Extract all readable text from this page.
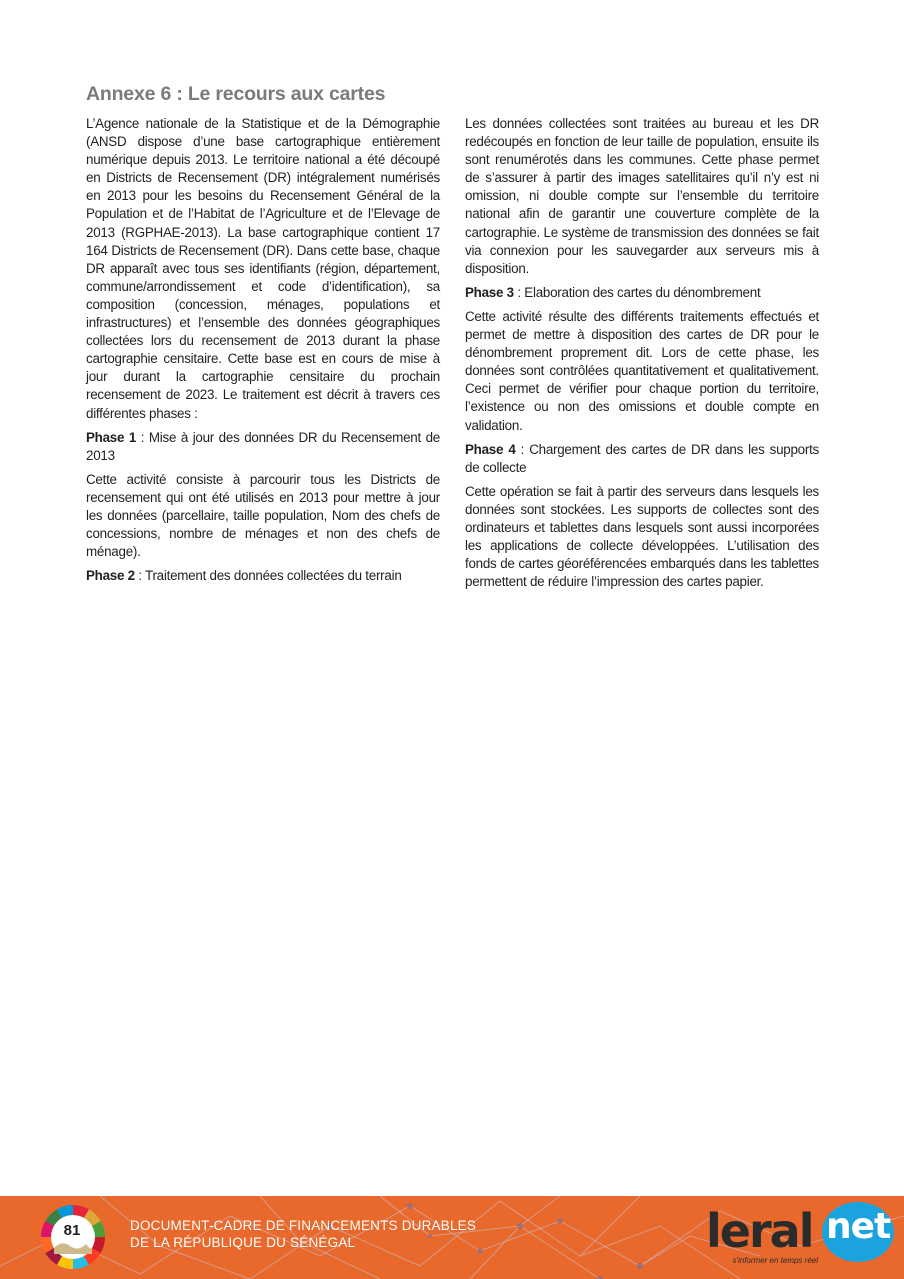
Annexe 6 : Le recours aux cartes

L’Agence nationale de la Statistique et de la Démographie (ANSD dispose d’une base cartographique entièrement numérique depuis 2013. Le territoire national a été découpé en Districts de Recensement (DR) intégralement numérisés en 2013 pour les besoins du Recensement Général de la Population et de l’Habitat de l’Agriculture et de l’Elevage de 2013 (RGPHAE-2013). La base cartographique contient 17 164 Districts de Recensement (DR). Dans cette base, chaque DR apparaît avec tous ses identifiants (région, département, commune/arrondissement et code d’identification), sa composition (concession, ménages, populations et infrastructures) et l’ensemble des données géographiques collectées lors du recensement de 2013 durant la phase cartographie censitaire. Cette base est en cours de mise à jour durant la cartographie censitaire du prochain recensement de 2023. Le traitement est décrit à travers ces différentes phases :

Phase 1 : Mise à jour des données DR du Recensement de 2013

Cette activité consiste à parcourir tous les Districts de recensement qui ont été utilisés en 2013 pour mettre à jour les données (parcellaire, taille population, Nom des chefs de concessions, nombre de ménages et non des chefs de ménage).

Phase 2 : Traitement des données collectées du terrain

Les données collectées sont traitées au bureau et les DR redécoupés en fonction de leur taille de population, ensuite ils sont renumérotés dans les communes. Cette phase permet de s’assurer à partir des images satellitaires qu’il n’y est ni omission, ni double compte sur l’ensemble du territoire national afin de garantir une couverture complète de la cartographie. Le système de transmission des données se fait via connexion pour les sauvegarder aux serveurs mis à disposition.

Phase 3 : Elaboration des cartes du dénombrement

Cette activité résulte des différents traitements effectués et permet de mettre à disposition des cartes de DR pour le dénombrement proprement dit. Lors de cette phase, les données sont contrôlées quantitativement et qualitativement. Ceci permet de vérifier pour chaque portion du territoire, l’existence ou non des omissions et double compte en validation.

Phase 4 : Chargement des cartes de DR dans les supports de collecte

Cette opération se fait à partir des serveurs dans lesquels les données sont stockées. Les supports de collectes sont des ordinateurs et tablettes dans lesquels sont aussi incorporées les applications de collecte développées. L’utilisation des fonds de cartes géoréférencées embarqués dans les tablettes permettent de réduire l’impression des cartes papier.

81	DOCUMENT-CADRE DE FINANCEMENTS DURABLES
DE LA RÉPUBLIQUE DU SÉNÉGAL	leral net
s'informer en temps réel
